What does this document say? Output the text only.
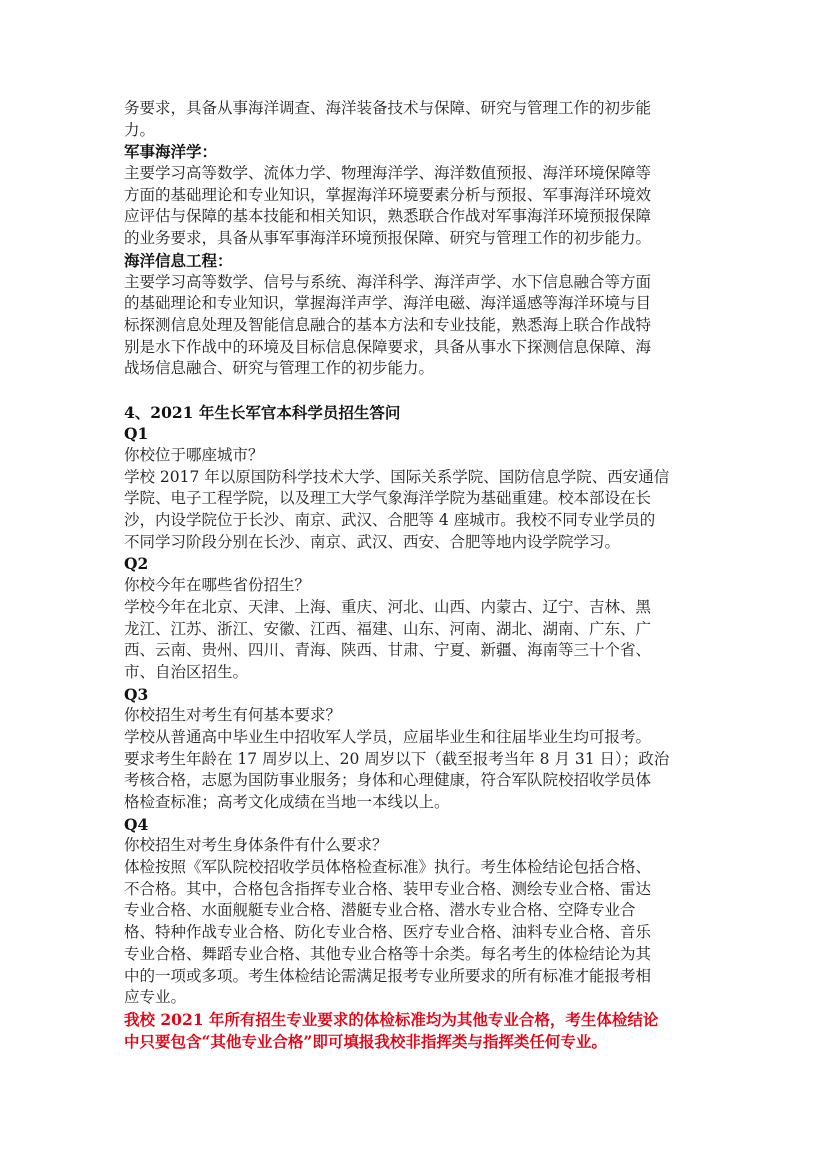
务要求，具备从事海洋调查、海洋装备技术与保障、研究与管理工作的初步能
力。
军事海洋学：
主要学习高等数学、流体力学、物理海洋学、海洋数值预报、海洋环境保障等
方面的基础理论和专业知识，掌握海洋环境要素分析与预报、军事海洋环境效
应评估与保障的基本技能和相关知识，熟悉联合作战对军事海洋环境预报保障
的业务要求，具备从事军事海洋环境预报保障、研究与管理工作的初步能力。
海洋信息工程：
主要学习高等数学、信号与系统、海洋科学、海洋声学、水下信息融合等方面
的基础理论和专业知识，掌握海洋声学、海洋电磁、海洋遥感等海洋环境与目
标探测信息处理及智能信息融合的基本方法和专业技能，熟悉海上联合作战特
别是水下作战中的环境及目标信息保障要求，具备从事水下探测信息保障、海
战场信息融合、研究与管理工作的初步能力。
4、2021 年生长军官本科学员招生答问
Q1
你校位于哪座城市？
学校 2017 年以原国防科学技术大学、国际关系学院、国防信息学院、西安通信
学院、电子工程学院，以及理工大学气象海洋学院为基础重建。校本部设在长
沙，内设学院位于长沙、南京、武汉、合肥等 4 座城市。我校不同专业学员的
不同学习阶段分别在长沙、南京、武汉、西安、合肥等地内设学院学习。
Q2
你校今年在哪些省份招生？
学校今年在北京、天津、上海、重庆、河北、山西、内蒙古、辽宁、吉林、黑
龙江、江苏、浙江、安徽、江西、福建、山东、河南、湖北、湖南、广东、广
西、云南、贵州、四川、青海、陕西、甘肃、宁夏、新疆、海南等三十个省、
市、自治区招生。
Q3
你校招生对考生有何基本要求？
学校从普通高中毕业生中招收军人学员，应届毕业生和往届毕业生均可报考。
要求考生年龄在 17 周岁以上、20 周岁以下（截至报考当年 8 月 31 日）；政治
考核合格，志愿为国防事业服务；身体和心理健康，符合军队院校招收学员体
格检查标准；高考文化成绩在当地一本线以上。
Q4
你校招生对考生身体条件有什么要求？
体检按照《军队院校招收学员体格检查标准》执行。考生体检结论包括合格、
不合格。其中，合格包含指挥专业合格、装甲专业合格、测绘专业合格、雷达
专业合格、水面舰艇专业合格、潜艇专业合格、潜水专业合格、空降专业合
格、特种作战专业合格、防化专业合格、医疗专业合格、油料专业合格、音乐
专业合格、舞蹈专业合格、其他专业合格等十余类。每名考生的体检结论为其
中的一项或多项。考生体检结论需满足报考专业所要求的所有标准才能报考相
应专业。
我校 2021 年所有招生专业要求的体检标准均为其他专业合格，考生体检结论
中只要包含“其他专业合格”即可填报我校非指挥类与指挥类任何专业。
